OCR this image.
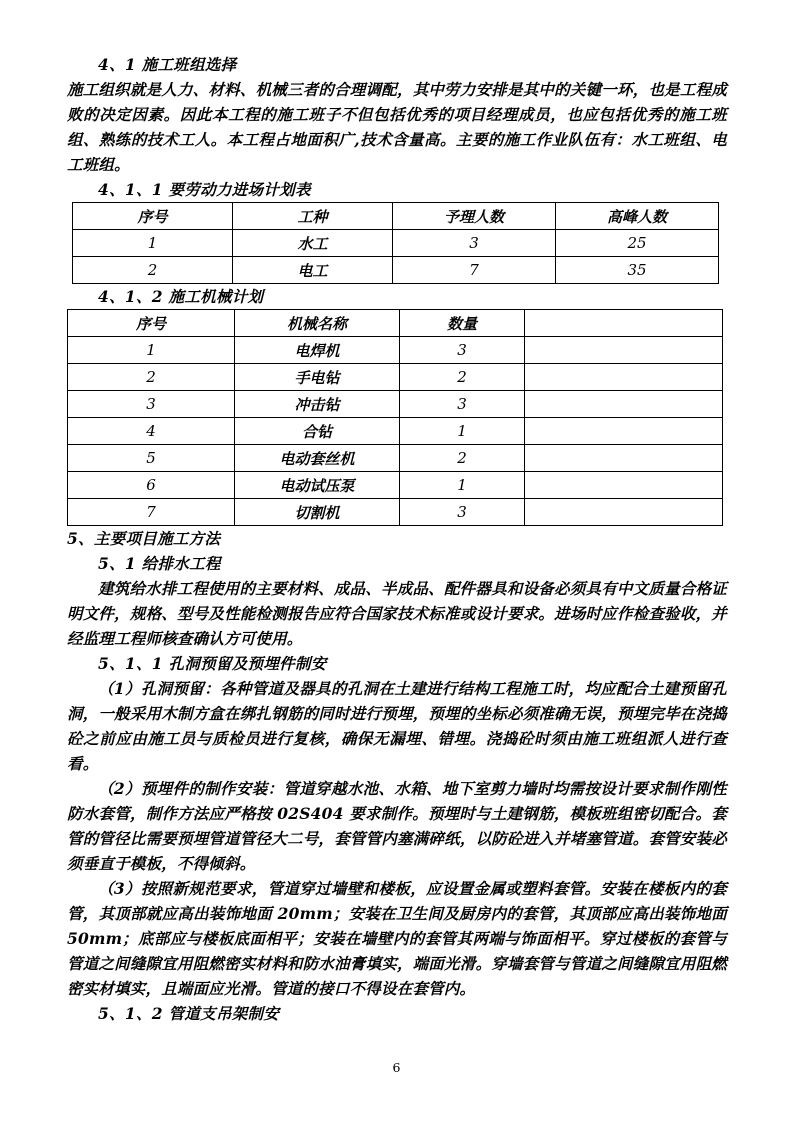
4、1 施工班组选择

施工组织就是人力、材料、机械三者的合理调配，其中劳力安排是其中的关键一环，也是工程成败的决定因素。因此本工程的施工班子不但包括优秀的项目经理成员，也应包括优秀的施工班组、熟练的技术工人。本工程占地面积广,技术含量高。主要的施工作业队伍有：水工班组、电工班组。

4、1、1 要劳动力进场计划表
序号	工种	予理人数	高峰人数
1	水工	3	25
2	电工	7	35
4、1、2 施工机械计划
序号	机械名称	数量	
1	电焊机	3	
2	手电钻	2	
3	冲击钻	3	
4	合钻	1	
5	电动套丝机	2	
6	电动试压泵	1	
7	切割机	3	
5、主要项目施工方法
5、1 给排水工程

建筑给水排工程使用的主要材料、成品、半成品、配件器具和设备必须具有中文质量合格证明文件，规格、型号及性能检测报告应符合国家技术标准或设计要求。进场时应作检查验收，并经监理工程师核查确认方可使用。

5、1、1 孔洞预留及预埋件制安

（1）孔洞预留：各种管道及器具的孔洞在土建进行结构工程施工时，均应配合土建预留孔洞，一般采用木制方盒在绑扎钢筋的同时进行预埋，预埋的坐标必须准确无误，预埋完毕在浇捣砼之前应由施工员与质检员进行复核，确保无漏埋、错埋。浇捣砼时须由施工班组派人进行查看。

（2）预埋件的制作安装：管道穿越水池、水箱、地下室剪力墙时均需按设计要求制作刚性防水套管，制作方法应严格按 02S404 要求制作。预埋时与土建钢筋，模板班组密切配合。套管的管径比需要预埋管道管径大二号，套管管内塞满碎纸，以防砼进入并堵塞管道。套管安装必须垂直于模板，不得倾斜。

（3）按照新规范要求，管道穿过墙壁和楼板，应设置金属或塑料套管。安装在楼板内的套管，其顶部就应高出装饰地面 20mm；安装在卫生间及厨房内的套管，其顶部应高出装饰地面 50mm；底部应与楼板底面相平；安装在墙壁内的套管其两端与饰面相平。穿过楼板的套管与管道之间缝隙宜用阻燃密实材料和防水油膏填实，端面光滑。穿墙套管与管道之间缝隙宜用阻燃密实材填实，且端面应光滑。管道的接口不得设在套管内。

5、1、2 管道支吊架制安
6
